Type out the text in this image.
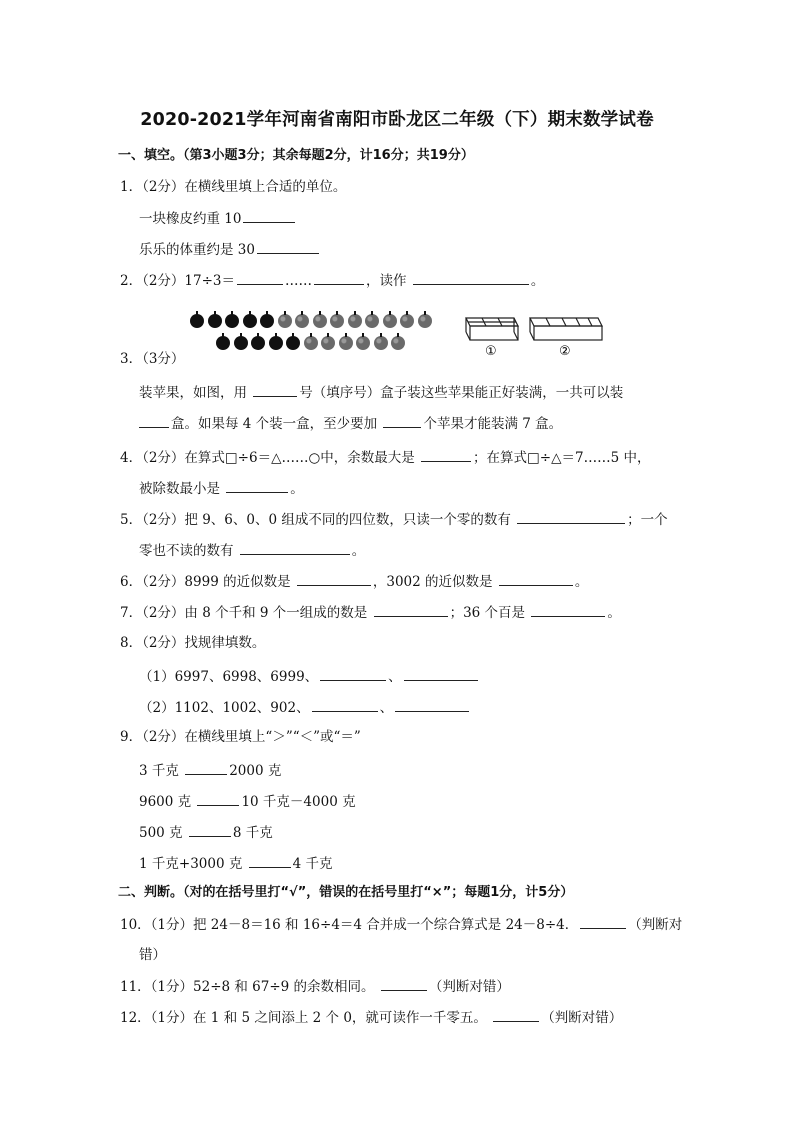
2020-2021学年河南省南阳市卧龙区二年级（下）期末数学试卷
一、填空。（第3小题3分；其余每题2分，计16分；共19分）
1．（2分）在横线里填上合适的单位。
一块橡皮约重 10
乐乐的体重约是 30
2．（2分）17÷3＝	……	，读作	。
①	②
3．（3分）
装苹果，如图，用	号（填序号）盒子装这些苹果能正好装满，一共可以装
盒。如果每 4 个装一盒，至少要加	个苹果才能装满 7 盒。
4．（2分）在算式□÷6＝△……○中，余数最大是	；在算式□÷△＝7……5 中，
被除数最小是	。
5．（2分）把 9、6、0、0 组成不同的四位数，只读一个零的数有	；一个
零也不读的数有	。
6．（2分）8999 的近似数是	，3002 的近似数是	。
7．（2分）由 8 个千和 9 个一组成的数是	；36 个百是	。
8．（2分）找规律填数。
（1）6997、6998、6999、	、
（2）1102、1002、902、	、
9．（2分）在横线里填上“＞”“＜”或“＝”
3 千克	2000 克
9600 克	10 千克－4000 克
500 克	8 千克
1 千克+3000 克	4 千克
二、判断。（对的在括号里打“√”，错误的在括号里打“×”；每题1分，计5分）
10．（1分）把 24－8＝16 和 16÷4＝4 合并成一个综合算式是 24－8÷4．	（判断对
错）
11．（1分）52÷8 和 67÷9 的余数相同。	（判断对错）
12．（1分）在 1 和 5 之间添上 2 个 0，就可读作一千零五。	（判断对错）
